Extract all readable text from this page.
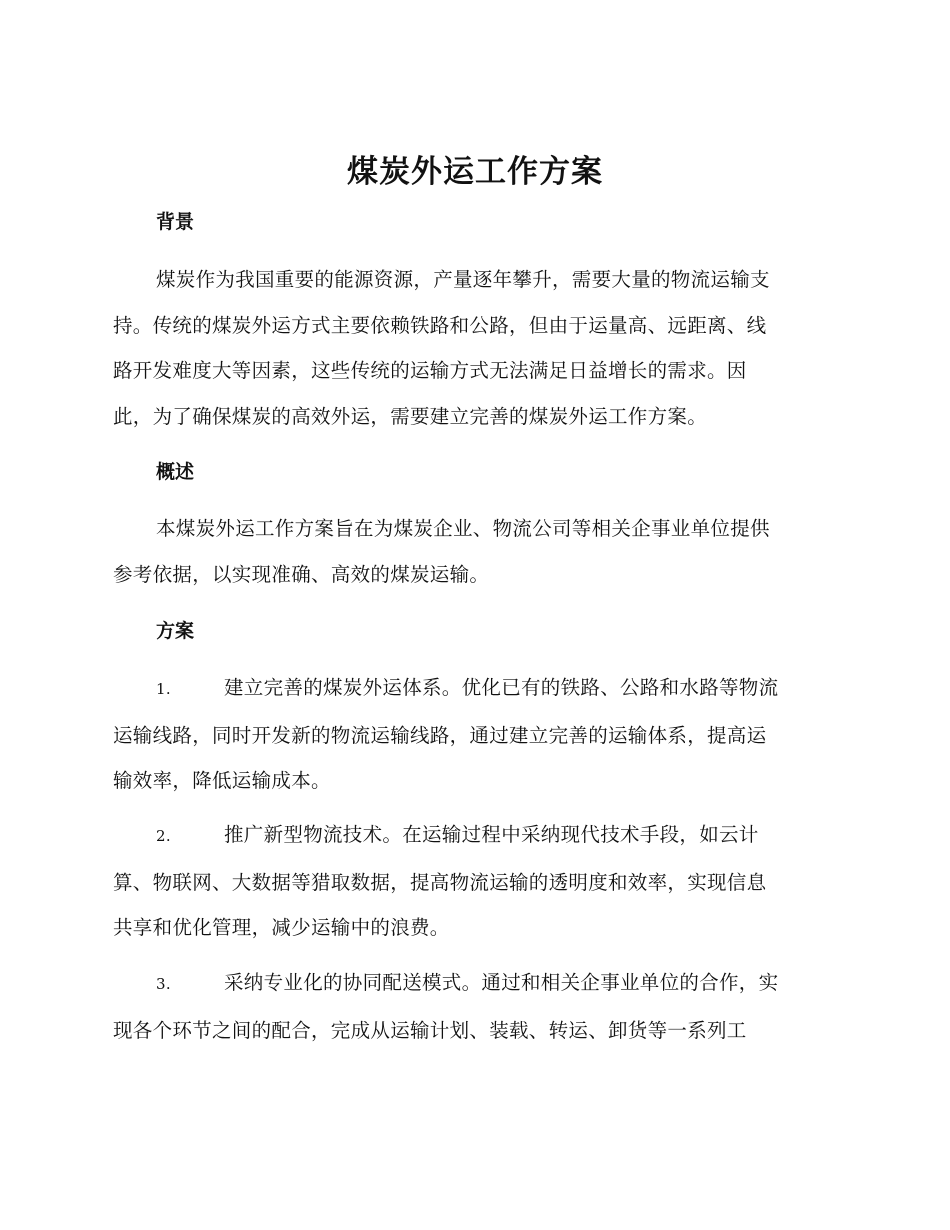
煤炭外运工作方案
背景

煤炭作为我国重要的能源资源，产量逐年攀升，需要大量的物流运输支
持。传统的煤炭外运方式主要依赖铁路和公路，但由于运量高、远距离、线
路开发难度大等因素，这些传统的运输方式无法满足日益增长的需求。因
此，为了确保煤炭的高效外运，需要建立完善的煤炭外运工作方案。

概述

本煤炭外运工作方案旨在为煤炭企业、物流公司等相关企事业单位提供
参考依据，以实现准确、高效的煤炭运输。

方案

1.	建立完善的煤炭外运体系。优化已有的铁路、公路和水路等物流
运输线路，同时开发新的物流运输线路，通过建立完善的运输体系，提高运
输效率，降低运输成本。

2.	推广新型物流技术。在运输过程中采纳现代技术手段，如云计
算、物联网、大数据等猎取数据，提高物流运输的透明度和效率，实现信息
共享和优化管理，减少运输中的浪费。

3.	采纳专业化的协同配送模式。通过和相关企事业单位的合作，实
现各个环节之间的配合，完成从运输计划、装载、转运、卸货等一系列工
